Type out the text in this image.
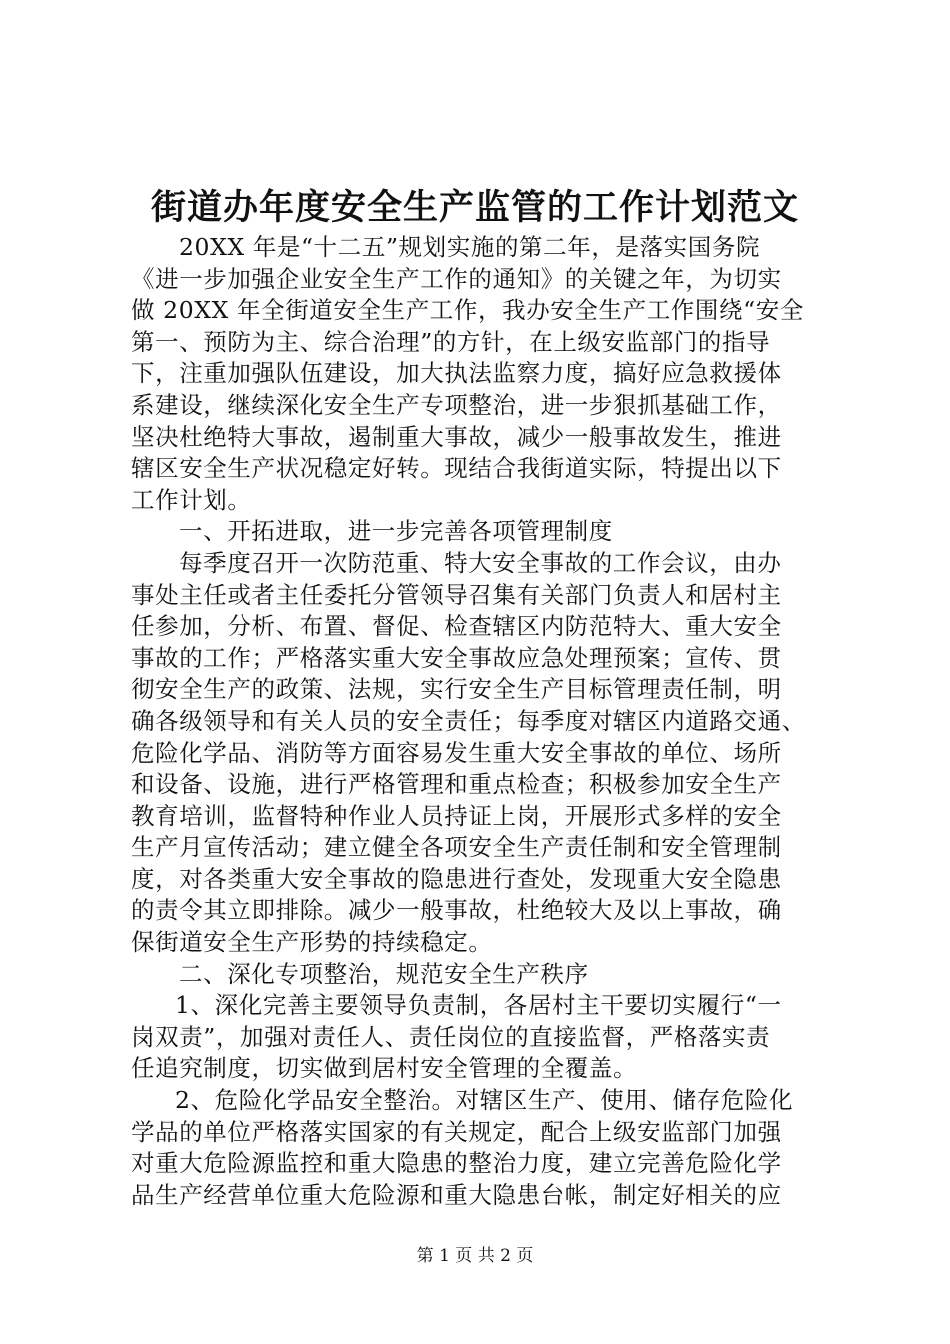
街道办年度安全生产监管的工作计划范文
20XX 年是“十二五”规划实施的第二年，是落实国务院
《进一步加强企业安全生产工作的通知》的关键之年，为切实
做 20XX 年全街道安全生产工作，我办安全生产工作围绕“安全
第一、预防为主、综合治理”的方针，在上级安监部门的指导
下，注重加强队伍建设，加大执法监察力度，搞好应急救援体
系建设，继续深化安全生产专项整治，进一步狠抓基础工作，
坚决杜绝特大事故，遏制重大事故，减少一般事故发生，推进
辖区安全生产状况稳定好转。现结合我街道实际，特提出以下
工作计划。
一、开拓进取，进一步完善各项管理制度
每季度召开一次防范重、特大安全事故的工作会议，由办
事处主任或者主任委托分管领导召集有关部门负责人和居村主
任参加，分析、布置、督促、检查辖区内防范特大、重大安全
事故的工作；严格落实重大安全事故应急处理预案；宣传、贯
彻安全生产的政策、法规，实行安全生产目标管理责任制，明
确各级领导和有关人员的安全责任；每季度对辖区内道路交通、
危险化学品、消防等方面容易发生重大安全事故的单位、场所
和设备、设施，进行严格管理和重点检查；积极参加安全生产
教育培训，监督特种作业人员持证上岗，开展形式多样的安全
生产月宣传活动；建立健全各项安全生产责任制和安全管理制
度，对各类重大安全事故的隐患进行查处，发现重大安全隐患
的责令其立即排除。减少一般事故，杜绝较大及以上事故，确
保街道安全生产形势的持续稳定。
二、深化专项整治，规范安全生产秩序
1、深化完善主要领导负责制，各居村主干要切实履行“一
岗双责”，加强对责任人、责任岗位的直接监督，严格落实责
任追究制度，切实做到居村安全管理的全覆盖。
2、危险化学品安全整治。对辖区生产、使用、储存危险化
学品的单位严格落实国家的有关规定，配合上级安监部门加强
对重大危险源监控和重大隐患的整治力度，建立完善危险化学
品生产经营单位重大危险源和重大隐患台帐，制定好相关的应
第 1 页 共 2 页
